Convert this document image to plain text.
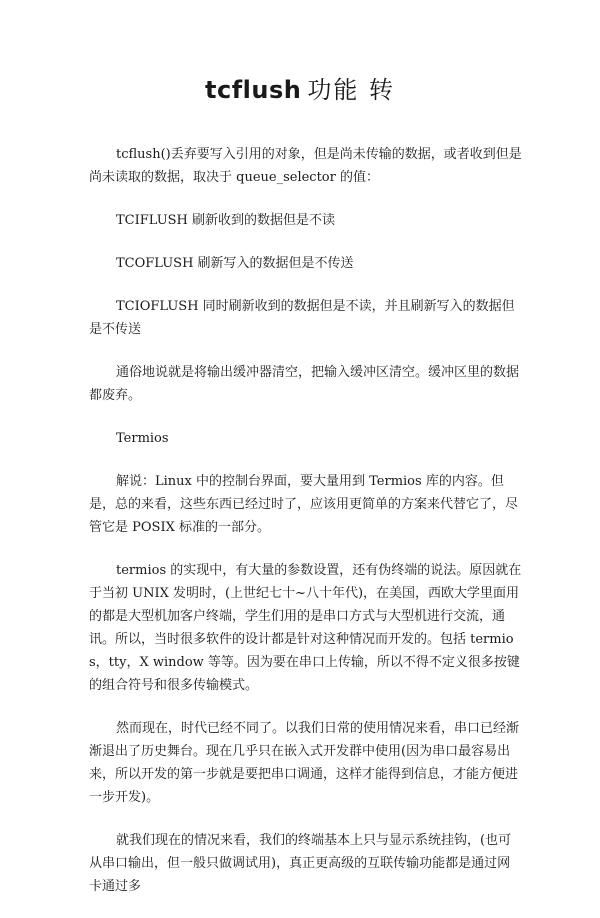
tcflush 功能 转

tcflush()丢弃要写入引用的对象，但是尚未传输的数据，或者收到但是尚未读取的数据，取决于 queue_selector 的值：

TCIFLUSH 刷新收到的数据但是不读

TCOFLUSH 刷新写入的数据但是不传送

TCIOFLUSH 同时刷新收到的数据但是不读，并且刷新写入的数据但是不传送

通俗地说就是将输出缓冲器清空，把输入缓冲区清空。缓冲区里的数据都废弃。

Termios

解说：Linux 中的控制台界面，要大量用到 Termios 库的内容。但是，总的来看，这些东西已经过时了，应该用更简单的方案来代替它了，尽管它是 POSIX 标准的一部分。

termios 的实现中，有大量的参数设置，还有伪终端的说法。原因就在于当初 UNIX 发明时，(上世纪七十~八十年代)，在美国，西欧大学里面用的都是大型机加客户终端，学生们用的是串口方式与大型机进行交流，通讯。所以，当时很多软件的设计都是针对这种情况而开发的。包括 termios，tty，X window 等等。因为要在串口上传输，所以不得不定义很多按键的组合符号和很多传输模式。

然而现在，时代已经不同了。以我们日常的使用情况来看，串口已经渐渐退出了历史舞台。现在几乎只在嵌入式开发群中使用(因为串口最容易出来，所以开发的第一步就是要把串口调通，这样才能得到信息，才能方便进一步开发)。

就我们现在的情况来看，我们的终端基本上只与显示系统挂钩，(也可从串口输出，但一般只做调试用)，真正更高级的互联传输功能都是通过网卡通过多
